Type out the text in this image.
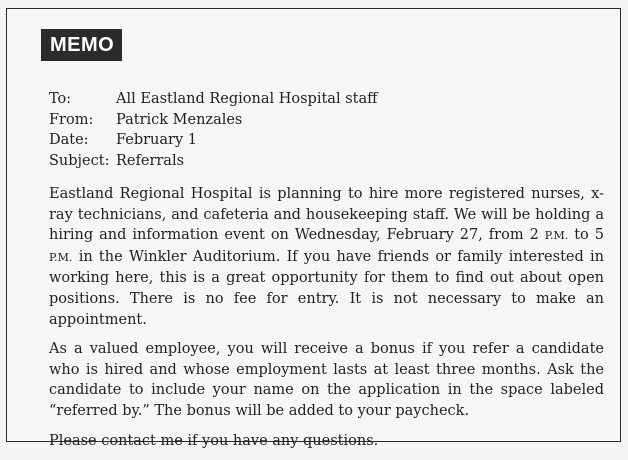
MEMO
To:	All Eastland Regional Hospital staff
From:	Patrick Menzales
Date:	February 1
Subject: Referrals

Eastland Regional Hospital is planning to hire more registered nurses, x-ray technicians, and cafeteria and housekeeping staff. We will be holding a hiring and information event on Wednesday, February 27, from 2 P.M. to 5 P.M. in the Winkler Auditorium. If you have friends or family interested in working here, this is a great opportunity for them to find out about open positions. There is no fee for entry. It is not necessary to make an appointment.

As a valued employee, you will receive a bonus if you refer a candidate who is hired and whose employment lasts at least three months. Ask the candidate to include your name on the application in the space labeled “referred by.” The bonus will be added to your paycheck.

Please contact me if you have any questions.
